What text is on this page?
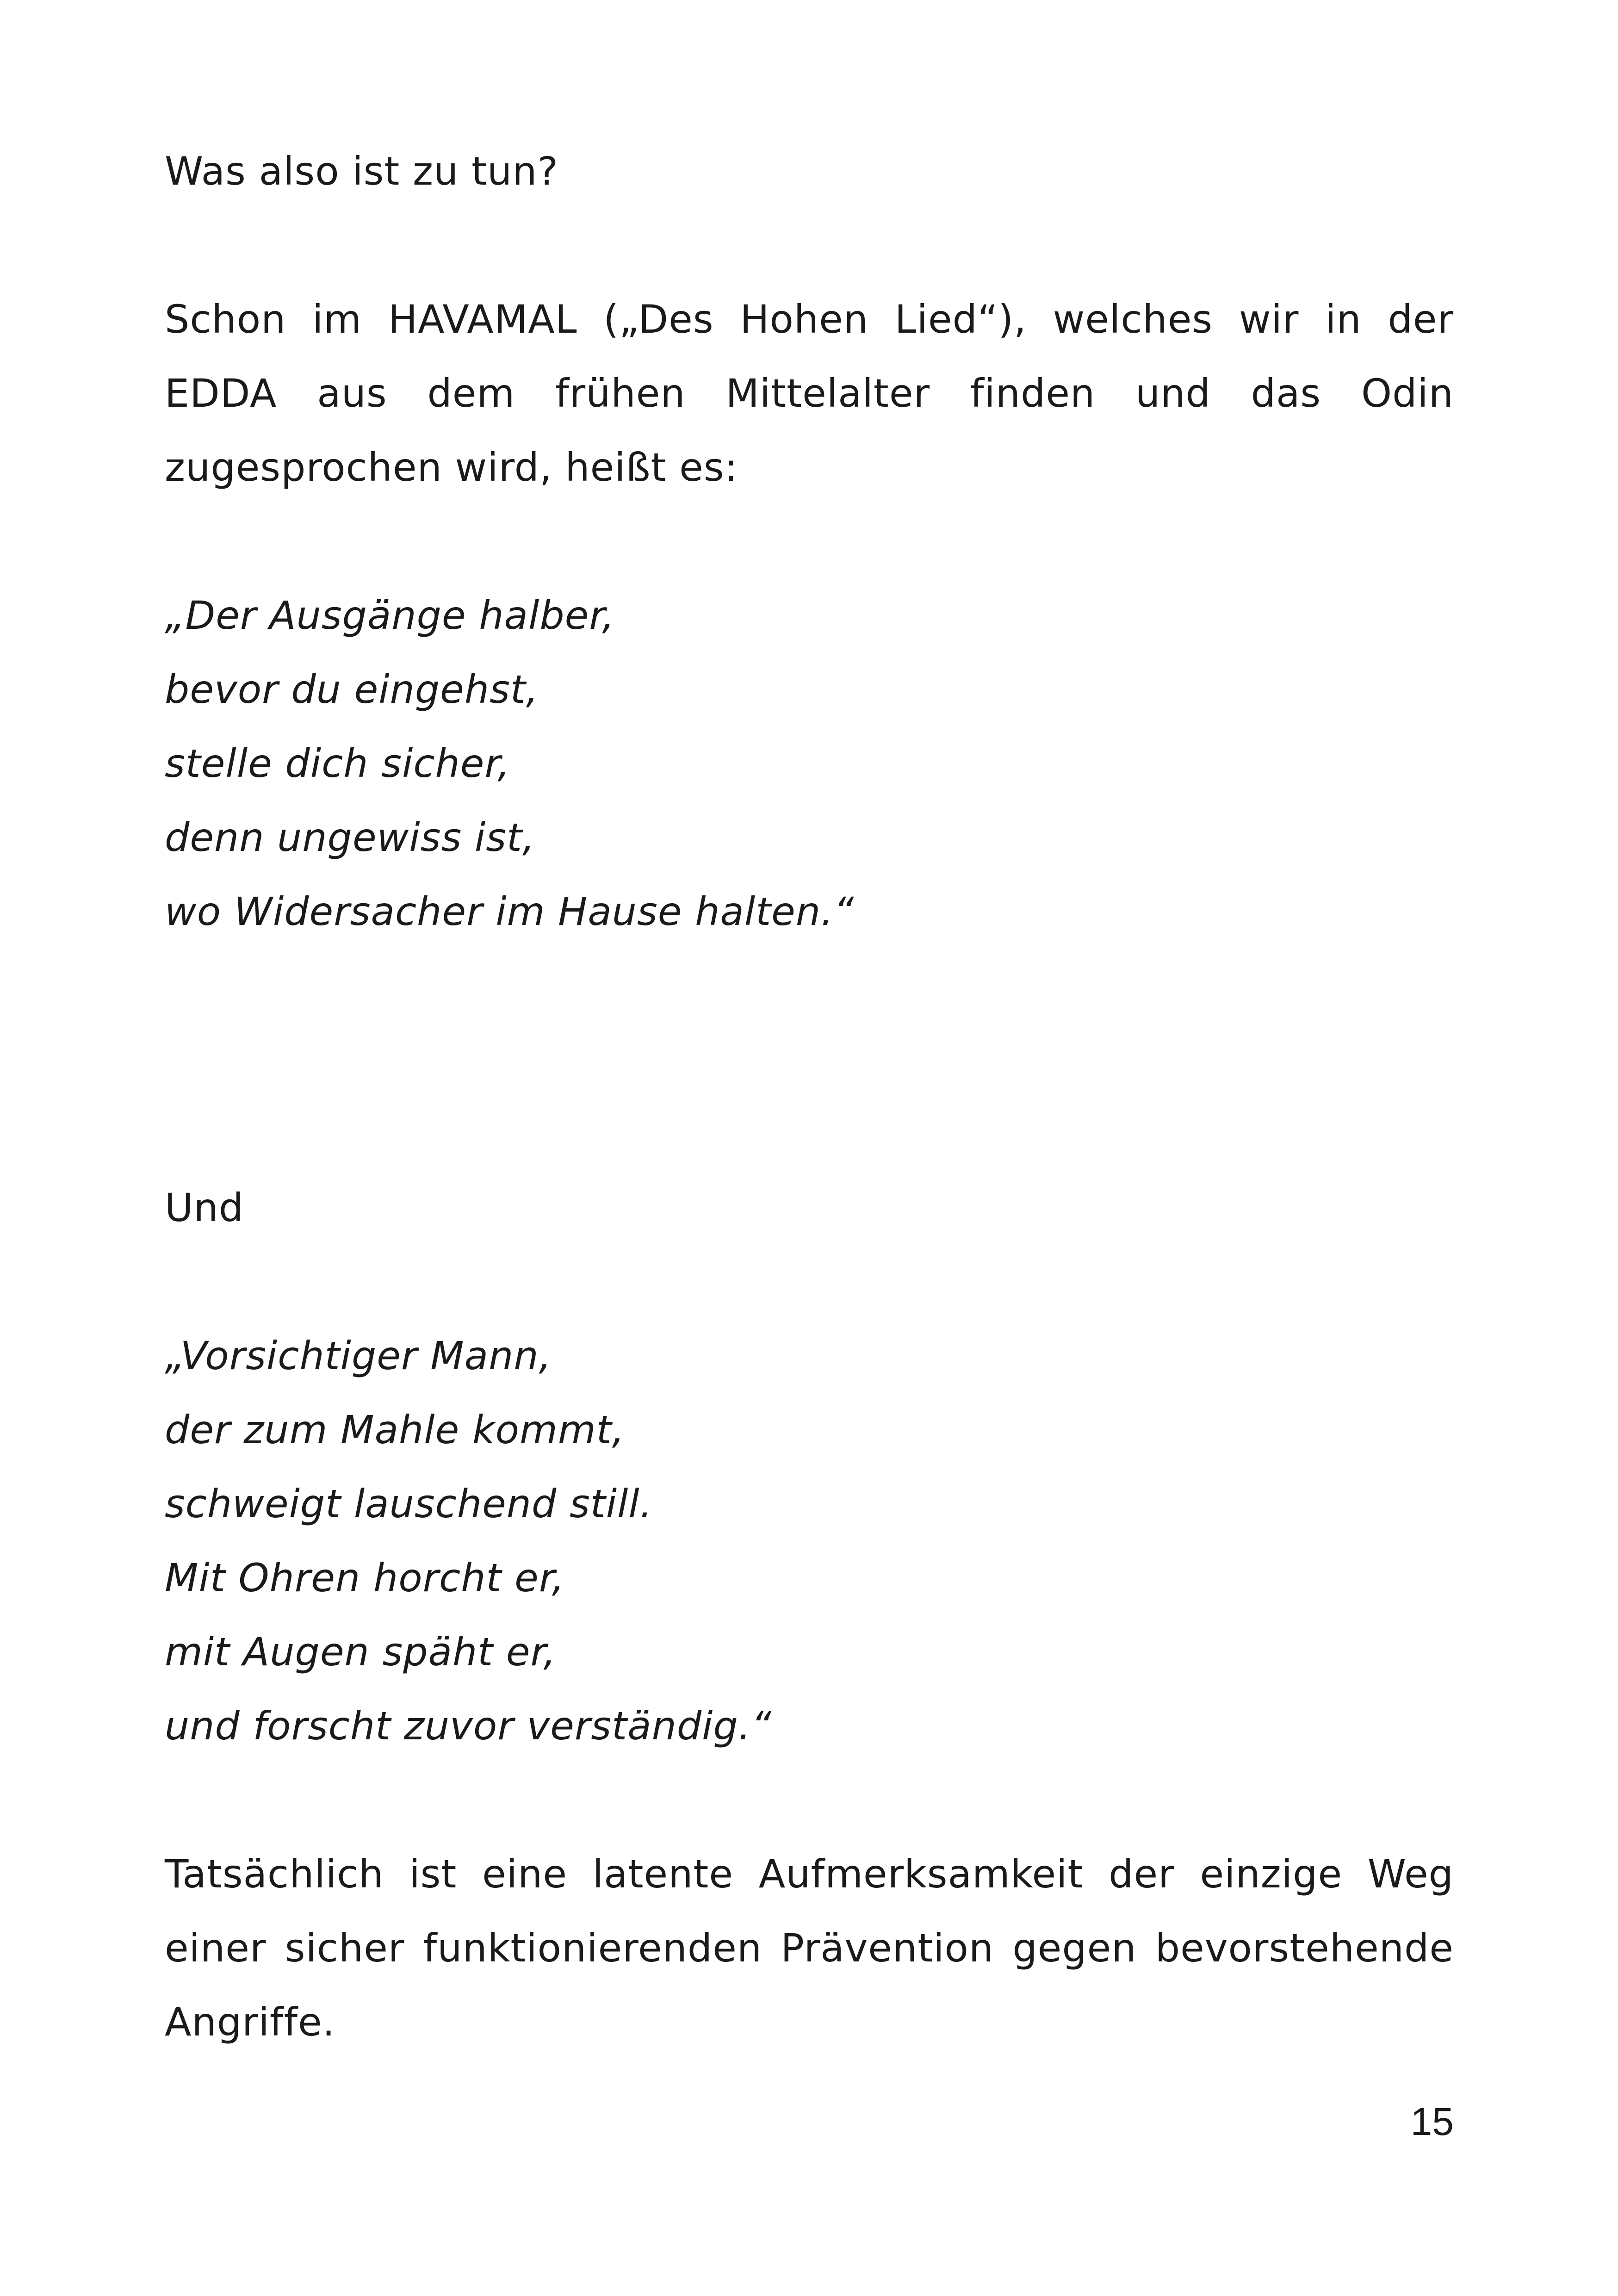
Was also ist zu tun?

Schon im HAVAMAL („Des Hohen Lied“), welches wir in der EDDA aus dem frühen Mittelalter finden und das Odin zugesprochen wird, heißt es:

„Der Ausgänge halber,
bevor du eingehst,
stelle dich sicher,
denn ungewiss ist,
wo Widersacher im Hause halten.“

Und

„Vorsichtiger Mann,
der zum Mahle kommt,
schweigt lauschend still.
Mit Ohren horcht er,
mit Augen späht er,
und forscht zuvor verständig.“

Tatsächlich ist eine latente Aufmerksamkeit der einzige Weg einer sicher funktionierenden Prävention gegen bevorstehende Angriffe.

15
